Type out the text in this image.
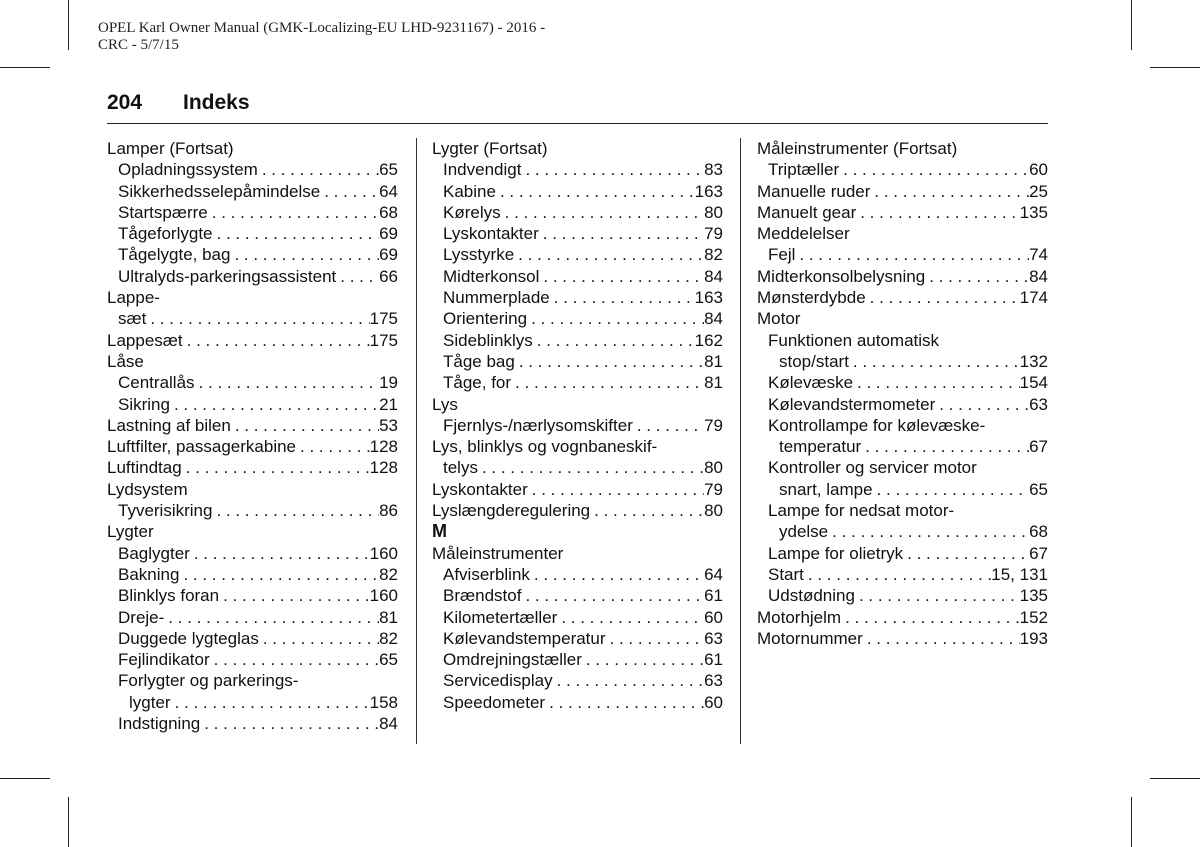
OPEL Karl Owner Manual (GMK-Localizing-EU LHD-9231167) - 2016 -
CRC - 5/7/15
204 Indeks
Lamper (Fortsat)
Opladningssystem . . .	65
Sikkerhedsselepåmindelse . . .	64
Startspærre . . .	68
Tågeforlygte . . .	69
Tågelygte, bag . . .	69
Ultralyds-parkeringsassistent . . .	66
Lappe-
sæt . . .	175
Lappesæt . . .	175
Låse
Centrallås . . .	19
Sikring . . .	21
Lastning af bilen . . .	53
Luftfilter, passagerkabine . . .	128
Luftindtag . . .	128
Lydsystem
Tyverisikring . . .	86
Lygter
Baglygter . . .	160
Bakning . . .	82
Blinklys foran . . .	160
Dreje- . . .	81
Duggede lygteglas . . .	82
Fejlindikator . . .	65
Forlygter og parkerings-
lygter . . .	158
Indstigning . . .	84
Lygter (Fortsat)
Indvendigt . . .	83
Kabine . . .	163
Kørelys . . .	80
Lyskontakter . . .	79
Lysstyrke . . .	82
Midterkonsol . . .	84
Nummerplade . . .	163
Orientering . . .	84
Sideblinklys . . .	162
Tåge bag . . .	81
Tåge, for . . .	81
Lys
Fjernlys-/nærlysomskifter . . .	79
Lys, blinklys og vognbaneskif-
telys . . .	80
Lyskontakter . . .	79
Lyslængderegulering . . .	80
M
Måleinstrumenter
Afviserblink . . .	64
Brændstof . . .	61
Kilometertæller . . .	60
Kølevandstemperatur . . .	63
Omdrejningstæller . . .	61
Servicedisplay . . .	63
Speedometer . . .	60
Måleinstrumenter (Fortsat)
Triptæller . . .	60
Manuelle ruder . . .	25
Manuelt gear . . .	135
Meddelelser
Fejl . . .	74
Midterkonsolbelysning . . .	84
Mønsterdybde . . .	174
Motor
Funktionen automatisk
stop/start . . .	132
Kølevæske . . .	154
Kølevandstermometer . . .	63
Kontrollampe for kølevæske-
temperatur . . .	67
Kontroller og servicer motor
snart, lampe . . .	65
Lampe for nedsat motor-
ydelse . . .	68
Lampe for olietryk . . .	67
Start . . .	15, 131
Udstødning . . .	135
Motorhjelm . . .	152
Motornummer . . .	193
